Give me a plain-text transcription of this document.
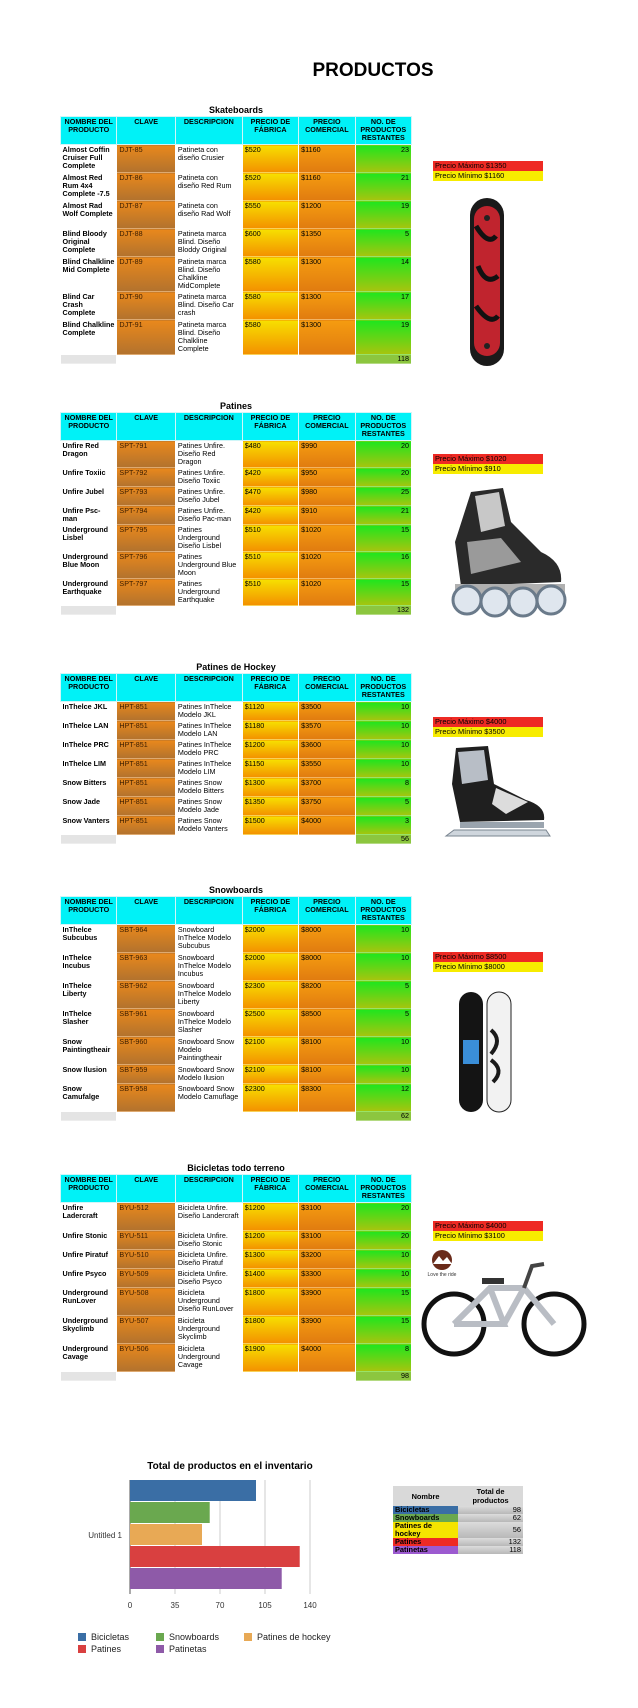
PRODUCTOS
Skateboards
NOMBRE DEL PRODUCTO	CLAVE	DESCRIPCION	PRECIO DE FÁBRICA	PRECIO COMERCIAL	NO. DE PRODUCTOS RESTANTES
Almost Coffin Cruiser Full Complete	DJT-85	Patineta con diseño Crusier	$520	$1160	23
Almost Red Rum 4x4 Complete -7.5	DJT-86	Patineta con diseño Red Rum	$520	$1160	21
Almost Rad Wolf Complete	DJT-87	Patineta con diseño Rad Wolf	$550	$1200	19
Blind Bloody Original Complete	DJT-88	Patineta marca Blind. Diseño Bloddy Original	$600	$1350	5
Blind Chalkline Mid Complete	DJT-89	Patineta marca Blind. Diseño Chalkline MidComplete	$580	$1300	14
Blind Car Crash Complete	DJT-90	Patineta marca Blind. Diseño Car crash	$580	$1300	17
Blind Chalkline Complete	DJT-91	Patineta marca Blind. Diseño Chalkline Complete	$580	$1300	19
					118
Precio Máximo $1350
Precio Mínimo $1160
Patines
NOMBRE DEL PRODUCTO	CLAVE	DESCRIPCION	PRECIO DE FÁBRICA	PRECIO COMERCIAL	NO. DE PRODUCTOS RESTANTES
Unfire Red Dragon	SPT-791	Patines Unfire. Diseño Red Dragon	$480	$990	20
Unfire Toxiic	SPT-792	Patines Unfire. Diseño Toxiic	$420	$950	20
Unfire Jubel	SPT-793	Patines Unfire. Diseño Jubel	$470	$980	25
Unfire Psc-man	SPT-794	Patines Unfire. Diseño Pac-man	$420	$910	21
Underground Lisbel	SPT-795	Patines Underground Diseño Lisbel	$510	$1020	15
Underground Blue Moon	SPT-796	Patines Underground Blue Moon	$510	$1020	16
Underground Earthquake	SPT-797	Patines Underground Earthquake	$510	$1020	15
					132
Precio Máximo $1020
Precio Mínimo $910
Patines de Hockey
NOMBRE DEL PRODUCTO	CLAVE	DESCRIPCION	PRECIO DE FÁBRICA	PRECIO COMERCIAL	NO. DE PRODUCTOS RESTANTES
InThelce JKL	HPT-851	Patines InThelce Modelo JKL	$1120	$3500	10
InThelce LAN	HPT-851	Patines InThelce Modelo LAN	$1180	$3570	10
InThelce PRC	HPT-851	Patines InThelce Modelo PRC	$1200	$3600	10
InThelce LIM	HPT-851	Patines InThelce Modelo LIM	$1150	$3550	10
Snow Bitters	HPT-851	Patines Snow Modelo Bitters	$1300	$3700	8
Snow Jade	HPT-851	Patines Snow Modelo Jade	$1350	$3750	5
Snow Vanters	HPT-851	Patines Snow Modelo Vanters	$1500	$4000	3
					56
Precio Máximo $4000
Precio Mínimo $3500
Snowboards
NOMBRE DEL PRODUCTO	CLAVE	DESCRIPCION	PRECIO DE FÁBRICA	PRECIO COMERCIAL	NO. DE PRODUCTOS RESTANTES
InThelce Subcubus	SBT-964	Snowboard InThelce Modelo Subcubus	$2000	$8000	10
InThelce Incubus	SBT-963	Snowboard InThelce Modelo Incubus	$2000	$8000	10
InThelce Liberty	SBT-962	Snowboard InThelce Modelo Liberty	$2300	$8200	5
InThelce Slasher	SBT-961	Snowboard InThelce Modelo Slasher	$2500	$8500	5
Snow Paintingtheair	SBT-960	Snowboard Snow Modelo Paintingtheair	$2100	$8100	10
Snow Ilusion	SBT-959	Snowboard Snow Modelo Ilusion	$2100	$8100	10
Snow Camufalge	SBT-958	Snowboard Snow Modelo Camuflage	$2300	$8300	12
					62
Precio Máximo $8500
Precio Mínimo $8000
Bicicletas todo terreno
NOMBRE DEL PRODUCTO	CLAVE	DESCRIPCION	PRECIO DE FÁBRICA	PRECIO COMERCIAL	NO. DE PRODUCTOS RESTANTES
Unfire Ladercraft	BYU-512	Bicicleta Unfire. Diseño Landercraft	$1200	$3100	20
Unfire Stonic	BYU-511	Bicicleta Unfire. Diseño Stonic	$1200	$3100	20
Unfire Piratuf	BYU-510	Bicicleta Unfire. Diseño Piratuf	$1300	$3200	10
Unfire Psyco	BYU-509	Bicicleta Unfire. Diseño Psyco	$1400	$3300	10
Underground RunLover	BYU-508	Bicicleta Underground Diseño RunLover	$1800	$3900	15
Underground Skyclimb	BYU-507	Bicicleta Underground Skyclimb	$1800	$3900	15
Underground Cavage	BYU-506	Bicicleta Underground Cavage	$1900	$4000	8
					98
Precio Máximo $4000
Precio Mínimo $3100
Love the ride
Total de productos en el inventario
0	35	70	105	140
Untitled 1
Bicicletas	Snowboards	Patines de hockey
Patines	Patinetas
Nombre	Total de productos
Bicicletas	98
Snowboards	62
Patines de hockey	56
Patines	132
Patinetas	118
